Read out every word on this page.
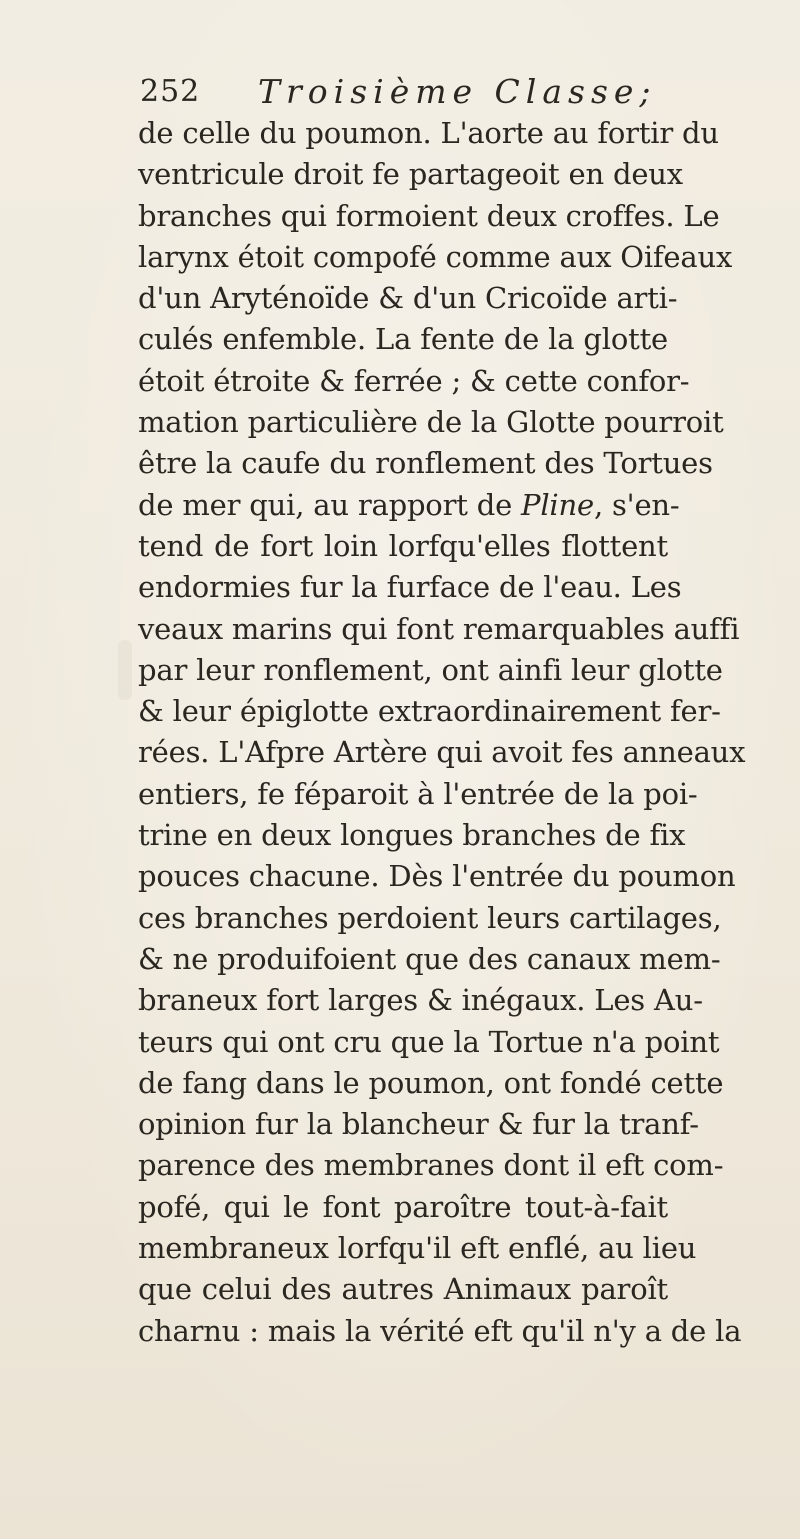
252 Troisième Classe;
de celle du poumon. L'aorte au fortir du
ventricule droit fe partageoit en deux
branches qui formoient deux croffes. Le
larynx étoit compofé comme aux Oifeaux
d'un Aryténoïde & d'un Cricoïde arti-
culés enfemble. La fente de la glotte
étoit étroite & ferrée ; & cette confor-
mation particulière de la Glotte pourroit
être la caufe du ronflement des Tortues
de mer qui, au rapport de Pline, s'en-
tend de fort loin lorfqu'elles flottent
endormies fur la furface de l'eau. Les
veaux marins qui font remarquables auffi
par leur ronflement, ont ainfi leur glotte
& leur épiglotte extraordinairement fer-
rées. L'Afpre Artère qui avoit fes anneaux
entiers, fe féparoit à l'entrée de la poi-
trine en deux longues branches de fix
pouces chacune. Dès l'entrée du poumon
ces branches perdoient leurs cartilages,
& ne produifoient que des canaux mem-
braneux fort larges & inégaux. Les Au-
teurs qui ont cru que la Tortue n'a point
de fang dans le poumon, ont fondé cette
opinion fur la blancheur & fur la tranf-
parence des membranes dont il eft com-
pofé, qui le font paroître tout-à-fait
membraneux lorfqu'il eft enflé, au lieu
que celui des autres Animaux paroît
charnu : mais la vérité eft qu'il n'y a de la
